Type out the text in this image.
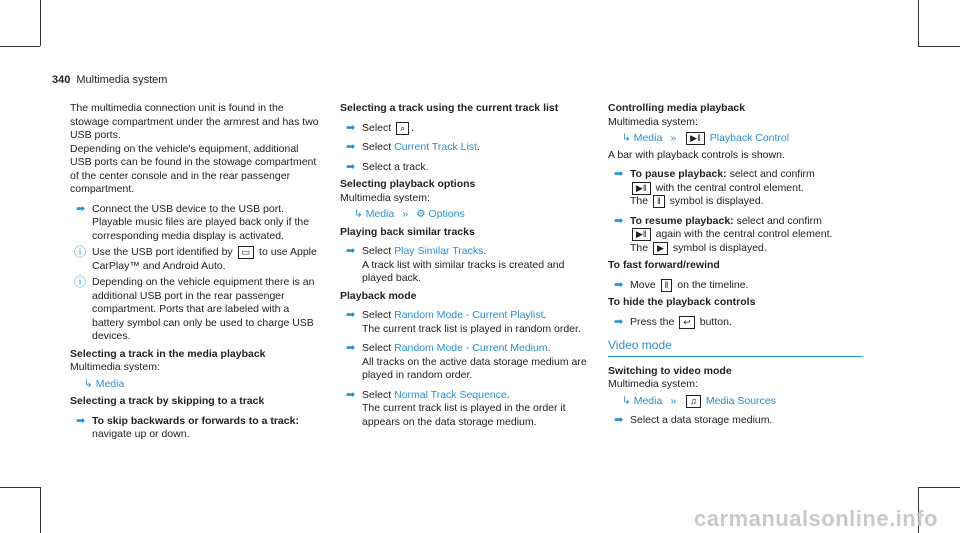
340 Multimedia system

The multimedia connection unit is found in the stowage compartment under the armrest and has two USB ports.

Depending on the vehicle's equipment, additional USB ports can be found in the stowage compartment of the center console and in the rear passenger compartment.

➡ Connect the USB device to the USB port. Playable music files are played back only if the corresponding media display is activated.
ⓘ Use the USB port identified by ▭ to use Apple CarPlay™ and Android Auto.
ⓘ Depending on the vehicle equipment there is an additional USB port in the rear passenger compartment. Ports that are labeled with a battery symbol can only be used to charge USB devices.

Selecting a track in the media playback

Multimedia system:

↳ Media

Selecting a track by skipping to a track

➡ To skip backwards or forwards to a track: navigate up or down.

Selecting a track using the current track list

➡ Select ⌕ .
➡ Select Current Track List.
➡ Select a track.

Selecting playback options

Multimedia system:

↳ Media » ⚙ Options

Playing back similar tracks

➡ Select Play Similar Tracks.
A track list with similar tracks is created and played back.

Playback mode

➡ Select Random Mode - Current Playlist.
The current track list is played in random order.
➡ Select Random Mode - Current Medium.
All tracks on the active data storage medium are played in random order.
➡ Select Normal Track Sequence.
The current track list is played in the order it appears on the data storage medium.

Controlling media playback

Multimedia system:

↳ Media » ▶‖ Playback Control

A bar with playback controls is shown.

➡ To pause playback: select and confirm
▶‖ with the central control element.
The ‖ symbol is displayed.
➡ To resume playback: select and confirm
▶‖ again with the central control element.
The ▶ symbol is displayed.

To fast forward/rewind

➡ Move ‖ on the timeline.

To hide the playback controls

➡ Press the ↩ button.
Video mode

Switching to video mode

Multimedia system:

↳ Media » ♫ Media Sources
➡ Select a data storage medium.
carmanualsonline.info
